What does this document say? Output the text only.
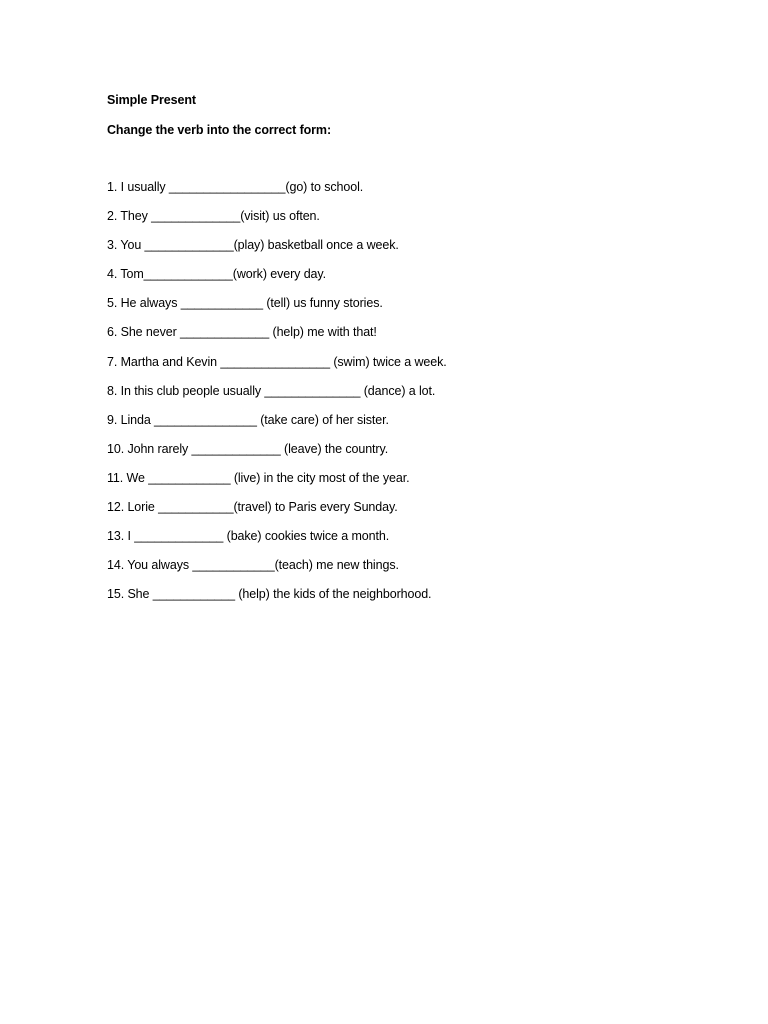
Simple Present

Change the verb into the correct form:

1. I usually _________________(go) to school.
2. They _____________(visit) us often.
3. You _____________(play) basketball once a week.
4. Tom_____________(work) every day.
5. He always ____________ (tell) us funny stories.
6. She never _____________ (help) me with that!
7. Martha and Kevin ________________ (swim) twice a week.
8. In this club people usually ______________ (dance) a lot.
9. Linda _______________ (take care) of her sister.
10. John rarely _____________ (leave) the country.
11. We ____________ (live) in the city most of the year.
12. Lorie ___________(travel) to Paris every Sunday.
13. I _____________ (bake) cookies twice a month.
14. You always ____________(teach) me new things.
15. She ____________ (help) the kids of the neighborhood.
